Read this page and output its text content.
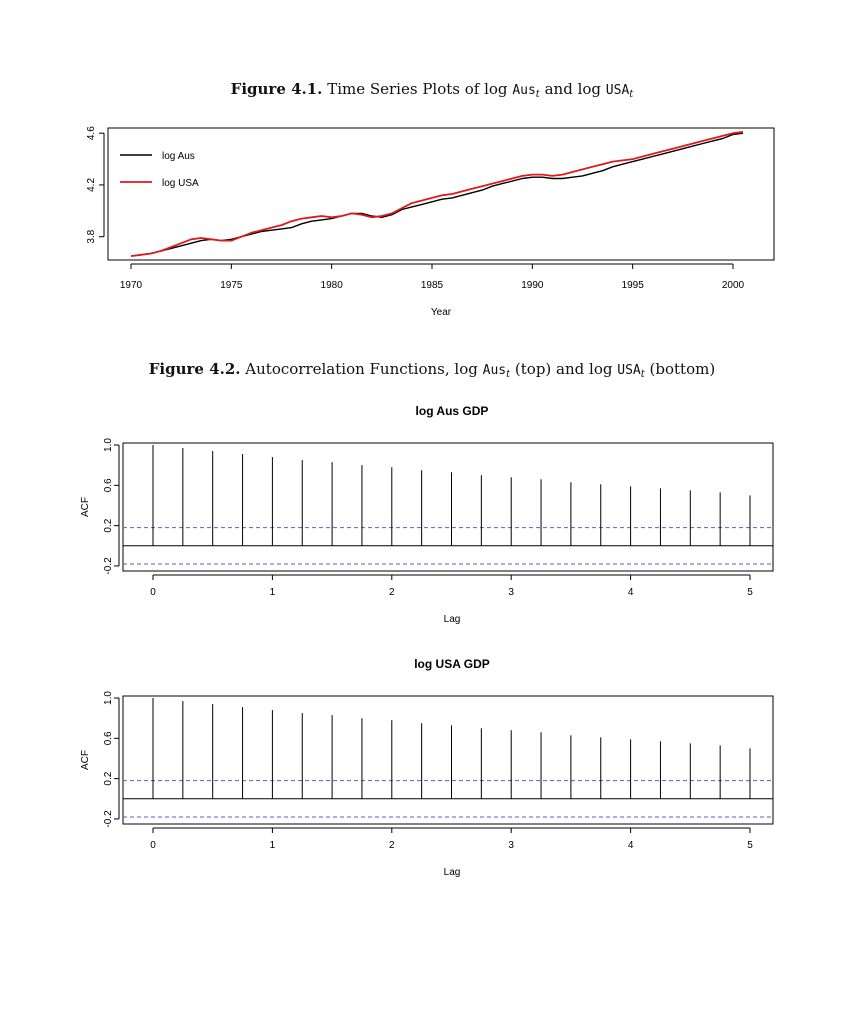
Figure 4.1. Time Series Plots of log Aus$_t$ and $\log USA_t$
1970	1975	1980	1985	1990	1995	2000
Year
3.8
4.2
4.6
log Aus
log USA
Figure 4.2. Autocorrelation Functions, log Aus$_t$ (top) and $\log USA_t$ (bottom)
log Aus GDP
0	1	2	3	4	5
Lag
-0.2
0.2
0.6
1.0
ACF
log USA GDP
0	1	2	3	4	5
Lag
-0.2
0.2
0.6
1.0
ACF
